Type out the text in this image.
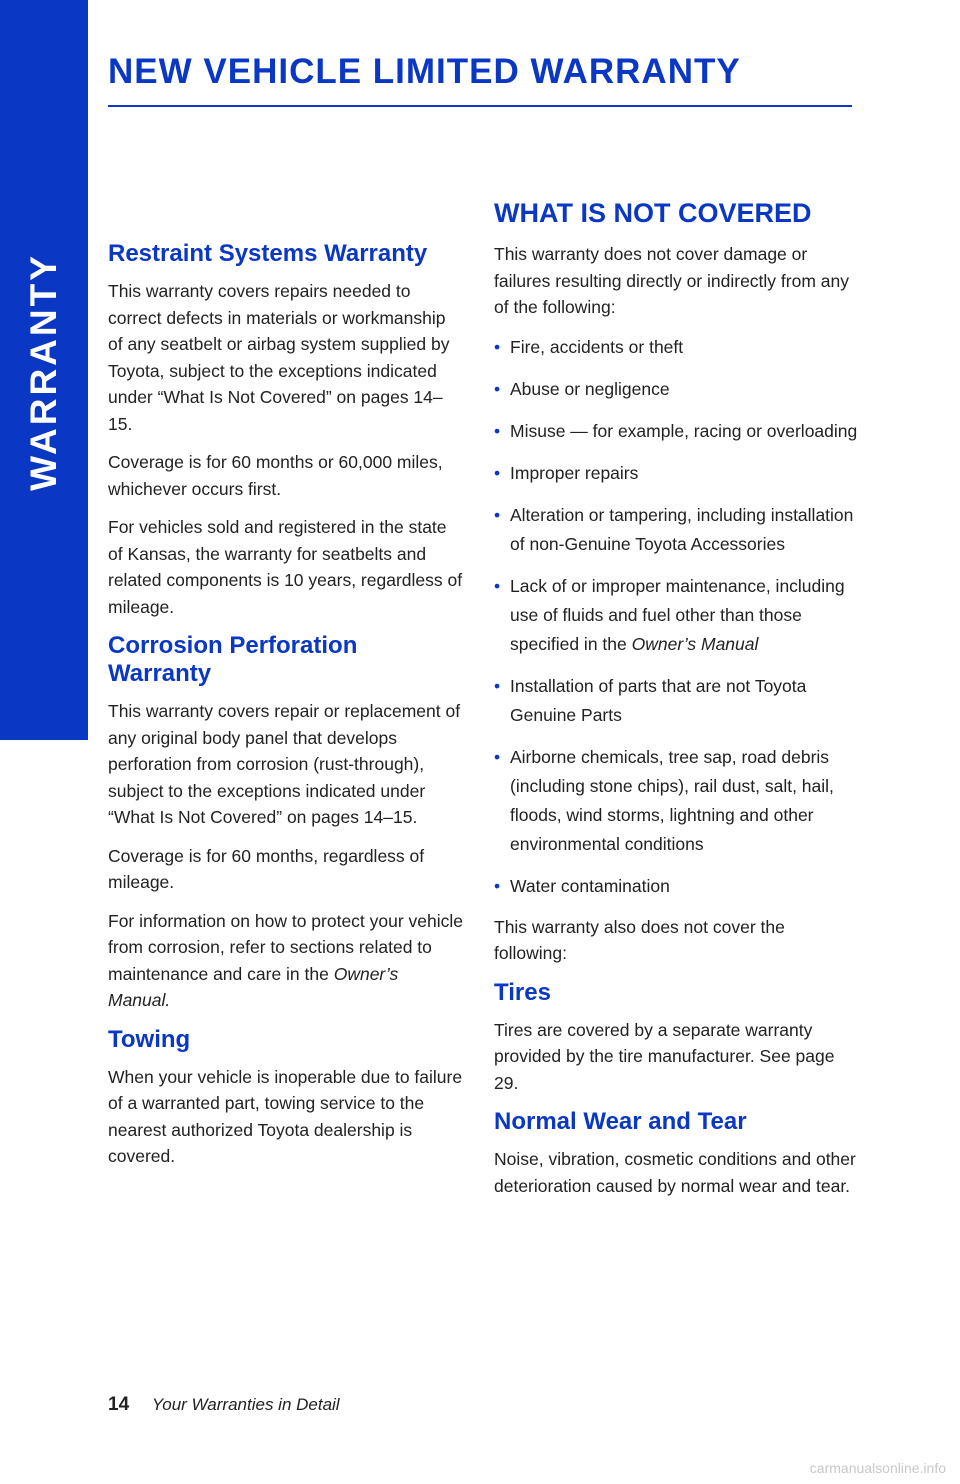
WARRANTY
NEW VEHICLE LIMITED WARRANTY
Restraint Systems Warranty

This warranty covers repairs needed to correct defects in materials or workmanship of any seatbelt or airbag system supplied by Toyota, subject to the exceptions indicated under “What Is Not Covered” on pages 14–15.

Coverage is for 60 months or 60,000 miles, whichever occurs first.

For vehicles sold and registered in the state of Kansas, the warranty for seatbelts and related components is 10 years, regardless of mileage.

Corrosion Perforation Warranty

This warranty covers repair or replacement of any original body panel that develops perforation from corrosion (rust-through), subject to the exceptions indicated under “What Is Not Covered” on pages 14–15.

Coverage is for 60 months, regardless of mileage.

For information on how to protect your vehicle from corrosion, refer to sections related to maintenance and care in the Owner’s Manual.

Towing

When your vehicle is inoperable due to failure of a warranted part, towing service to the nearest authorized Toyota dealership is covered.

WHAT IS NOT COVERED

This warranty does not cover damage or failures resulting directly or indirectly from any of the following:

• Fire, accidents or theft
• Abuse or negligence
• Misuse — for example, racing or overloading
• Improper repairs
• Alteration or tampering, including installation of non-Genuine Toyota Accessories
• Lack of or improper maintenance, including use of fluids and fuel other than those specified in the Owner’s Manual
• Installation of parts that are not Toyota Genuine Parts
• Airborne chemicals, tree sap, road debris (including stone chips), rail dust, salt, hail, floods, wind storms, lightning and other environmental conditions
• Water contamination

This warranty also does not cover the following:

Tires

Tires are covered by a separate warranty provided by the tire manufacturer. See page 29.

Normal Wear and Tear

Noise, vibration, cosmetic conditions and other deterioration caused by normal wear and tear.

14 Your Warranties in Detail
carmanualsonline.info
